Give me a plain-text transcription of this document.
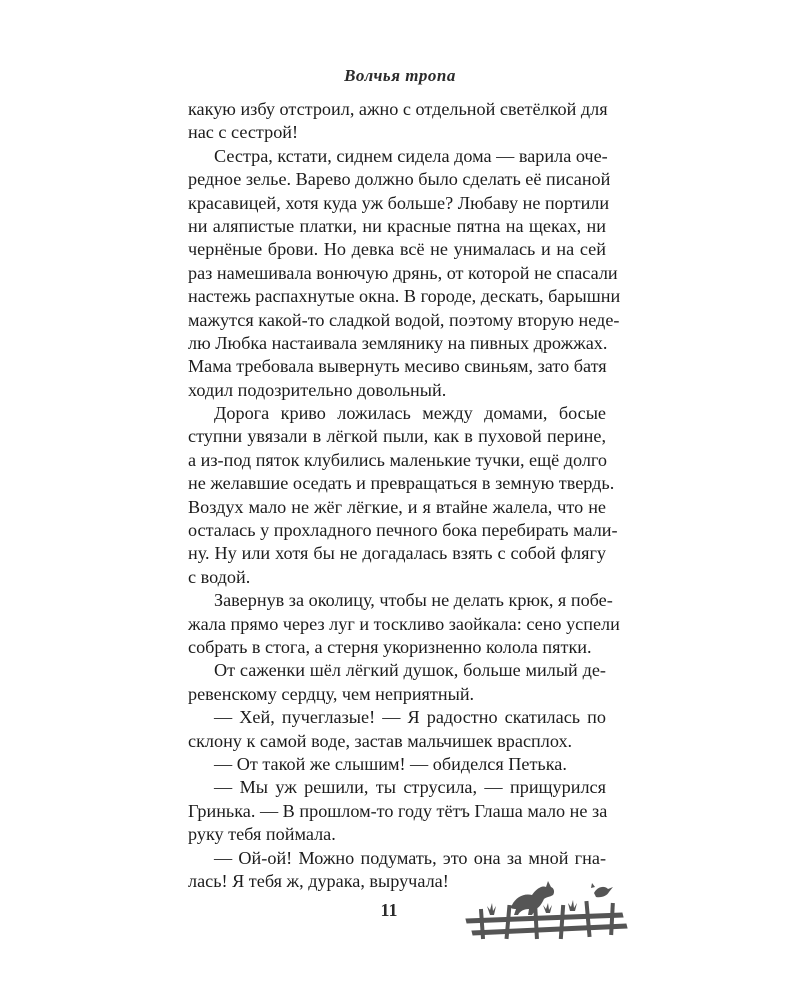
Волчья тропа
какую избу отстроил, ажно с отдельной светёлкой для
нас с сестрой!
Сестра, кстати, сиднем сидела дома — варила оче-
редное зелье. Варево должно было сделать её писаной
красавицей, хотя куда уж больше? Любаву не портили
ни аляпистые платки, ни красные пятна на щеках, ни
чернёные брови. Но девка всё не унималась и на сей
раз намешивала вонючую дрянь, от которой не спасали
настежь распахнутые окна. В городе, дескать, барышни
мажутся какой-то сладкой водой, поэтому вторую неде-
лю Любка настаивала землянику на пивных дрожжах.
Мама требовала вывернуть месиво свиньям, зато батя
ходил подозрительно довольный.
Дорога криво ложилась между домами, босые
ступни увязали в лёгкой пыли, как в пуховой перине,
а из-под пяток клубились маленькие тучки, ещё долго
не желавшие оседать и превращаться в земную твердь.
Воздух мало не жёг лёгкие, и я втайне жалела, что не
осталась у прохладного печного бока перебирать мали-
ну. Ну или хотя бы не догадалась взять с собой флягу
с водой.
Завернув за околицу, чтобы не делать крюк, я побе-
жала прямо через луг и тоскливо заойкала: сено успели
собрать в стога, а стерня укоризненно колола пятки.
От саженки шёл лёгкий душок, больше милый де-
ревенскому сердцу, чем неприятный.
— Хей, пучеглазые! — Я радостно скатилась по
склону к самой воде, застав мальчишек врасплох.
— От такой же слышим! — обиделся Петька.
— Мы уж решили, ты струсила, — прищурился
Гринька. — В прошлом-то году тётъ Глаша мало не за
руку тебя поймала.
— Ой-ой! Можно подумать, это она за мной гна-
лась! Я тебя ж, дурака, выручала!
11
